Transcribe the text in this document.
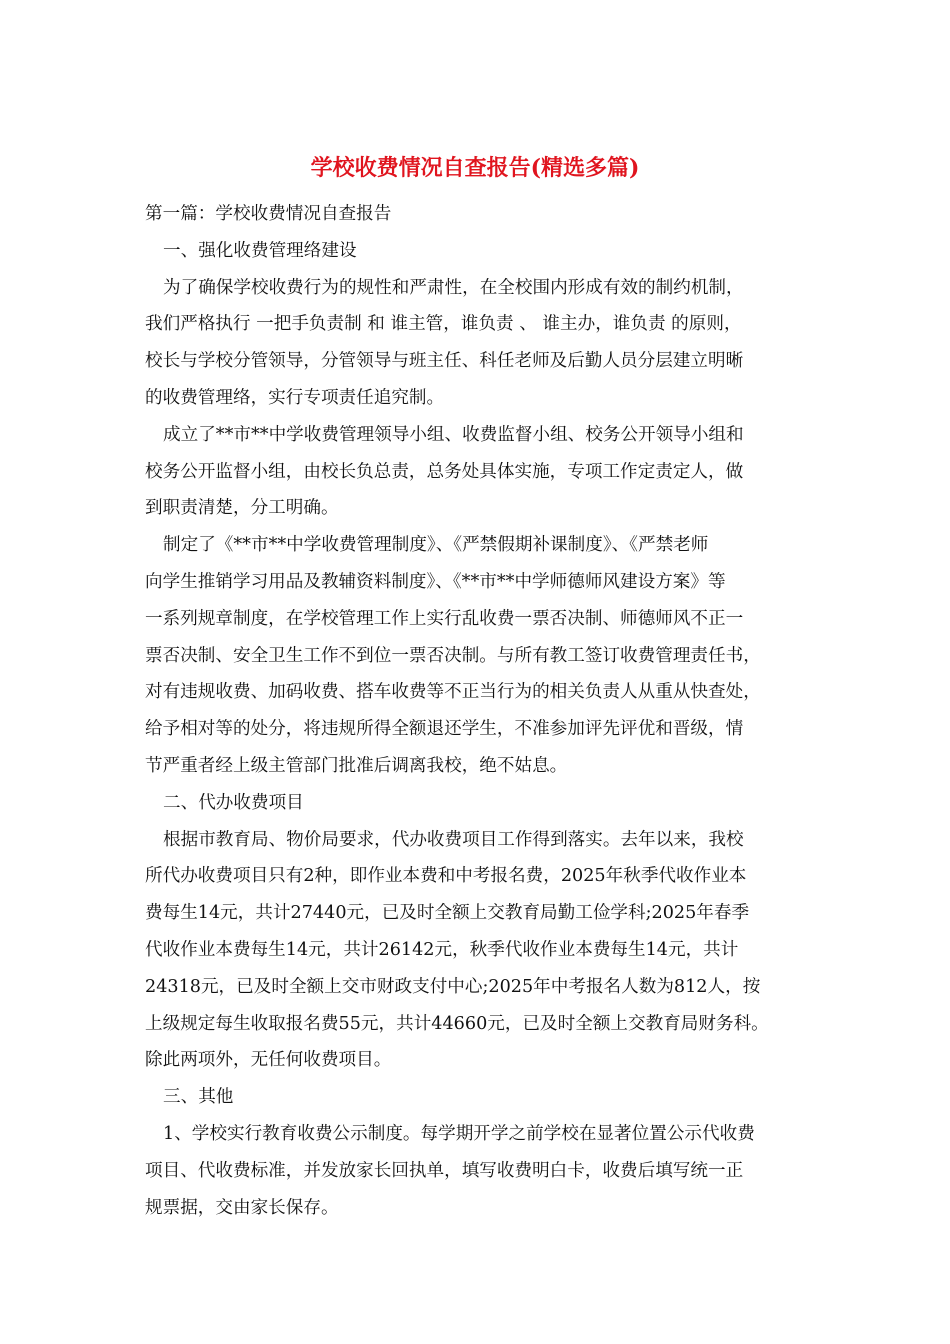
学校收费情况自查报告(精选多篇)
第一篇：学校收费情况自查报告
一、强化收费管理络建设
为了确保学校收费行为的规性和严肃性，在全校围内形成有效的制约机制，
我们严格执行 一把手负责制 和 谁主管，谁负责 、 谁主办，谁负责 的原则，
校长与学校分管领导，分管领导与班主任、科任老师及后勤人员分层建立明晰
的收费管理络，实行专项责任追究制。
成立了**市**中学收费管理领导小组、收费监督小组、校务公开领导小组和
校务公开监督小组，由校长负总责，总务处具体实施，专项工作定责定人，做
到职责清楚，分工明确。
制定了《**市**中学收费管理制度》、《严禁假期补课制度》、《严禁老师
向学生推销学习用品及教辅资料制度》、《**市**中学师德师风建设方案》等
一系列规章制度，在学校管理工作上实行乱收费一票否决制、师德师风不正一
票否决制、安全卫生工作不到位一票否决制。与所有教工签订收费管理责任书，
对有违规收费、加码收费、搭车收费等不正当行为的相关负责人从重从快查处，
给予相对等的处分，将违规所得全额退还学生，不准参加评先评优和晋级，情
节严重者经上级主管部门批准后调离我校，绝不姑息。
二、代办收费项目
根据市教育局、物价局要求，代办收费项目工作得到落实。去年以来，我校
所代办收费项目只有2种，即作业本费和中考报名费，2025年秋季代收作业本
费每生14元，共计27440元，已及时全额上交教育局勤工俭学科;2025年春季
代收作业本费每生14元，共计26142元，秋季代收作业本费每生14元，共计
24318元，已及时全额上交市财政支付中心;2025年中考报名人数为812人，按
上级规定每生收取报名费55元，共计44660元，已及时全额上交教育局财务科。
除此两项外，无任何收费项目。
三、其他
1、学校实行教育收费公示制度。每学期开学之前学校在显著位置公示代收费
项目、代收费标准，并发放家长回执单，填写收费明白卡，收费后填写统一正
规票据，交由家长保存。
